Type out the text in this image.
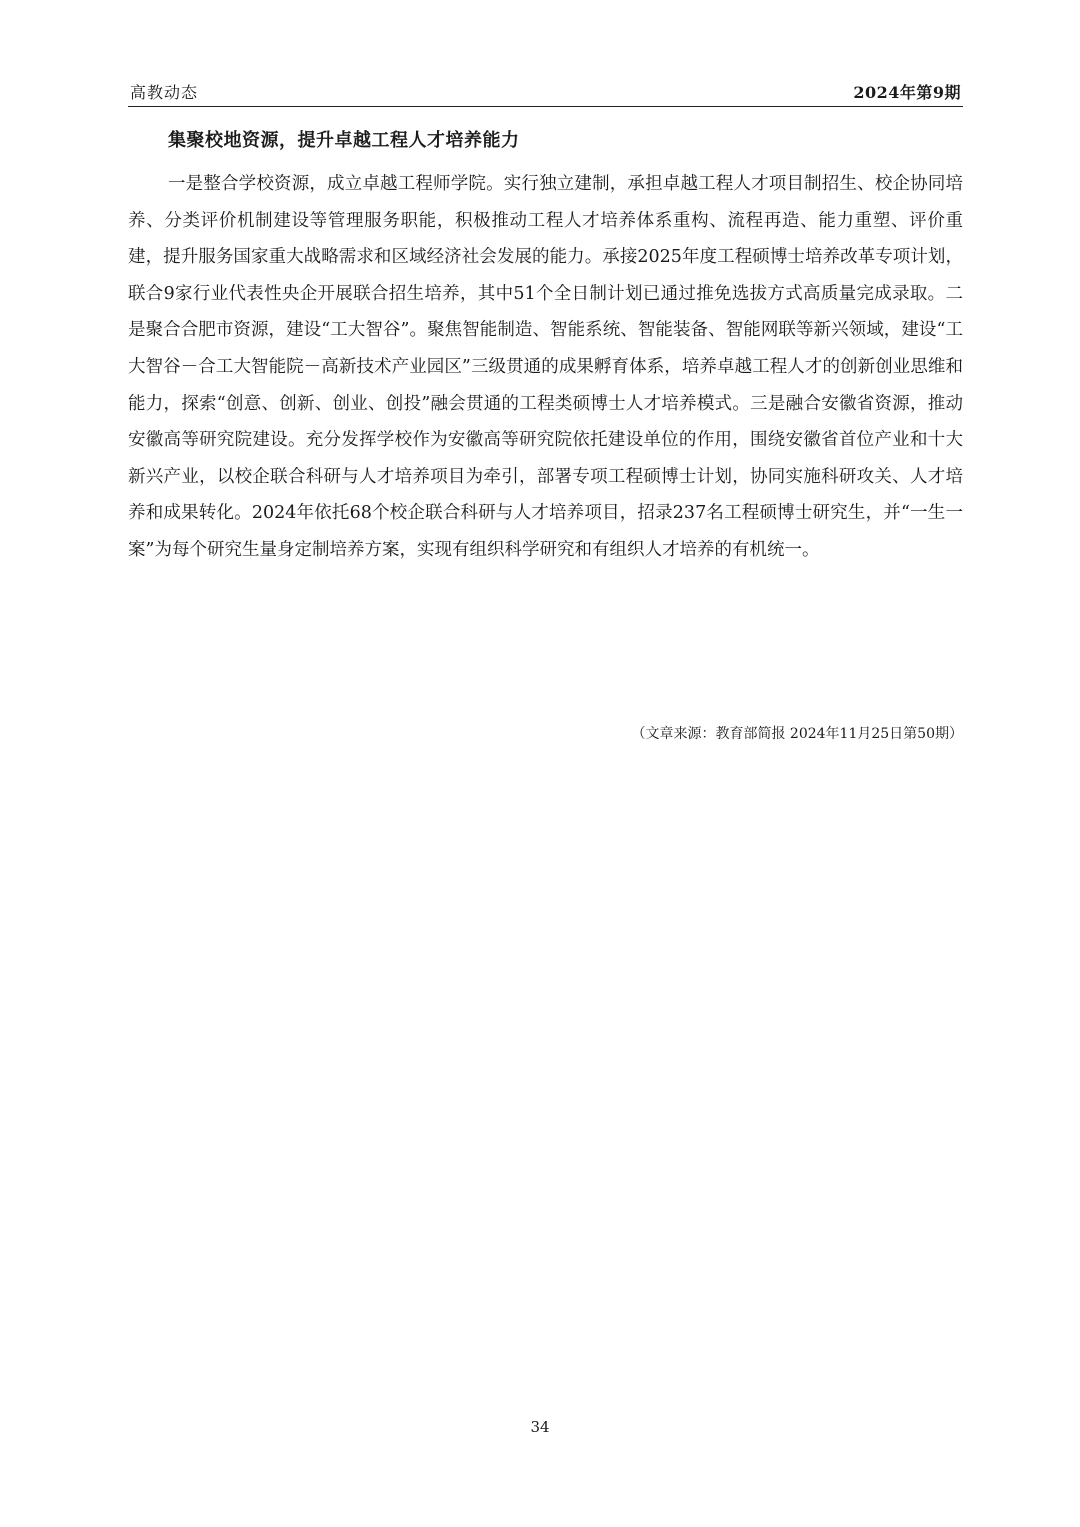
高教动态	2024年第9期
集聚校地资源，提升卓越工程人才培养能力

一是整合学校资源，成立卓越工程师学院。实行独立建制，承担卓越工程人才项目制招生、校企协同培养、分类评价机制建设等管理服务职能，积极推动工程人才培养体系重构、流程再造、能力重塑、评价重建，提升服务国家重大战略需求和区域经济社会发展的能力。承接2025年度工程硕博士培养改革专项计划，联合9家行业代表性央企开展联合招生培养，其中51个全日制计划已通过推免选拔方式高质量完成录取。二是聚合合肥市资源，建设“工大智谷”。聚焦智能制造、智能系统、智能装备、智能网联等新兴领域，建设“工大智谷－合工大智能院－高新技术产业园区”三级贯通的成果孵育体系，培养卓越工程人才的创新创业思维和能力，探索“创意、创新、创业、创投”融会贯通的工程类硕博士人才培养模式。三是融合安徽省资源，推动安徽高等研究院建设。充分发挥学校作为安徽高等研究院依托建设单位的作用，围绕安徽省首位产业和十大新兴产业，以校企联合科研与人才培养项目为牵引，部署专项工程硕博士计划，协同实施科研攻关、人才培养和成果转化。2024年依托68个校企联合科研与人才培养项目，招录237名工程硕博士研究生，并“一生一案”为每个研究生量身定制培养方案，实现有组织科学研究和有组织人才培养的有机统一。

（文章来源：教育部简报 2024年11月25日第50期）
34
